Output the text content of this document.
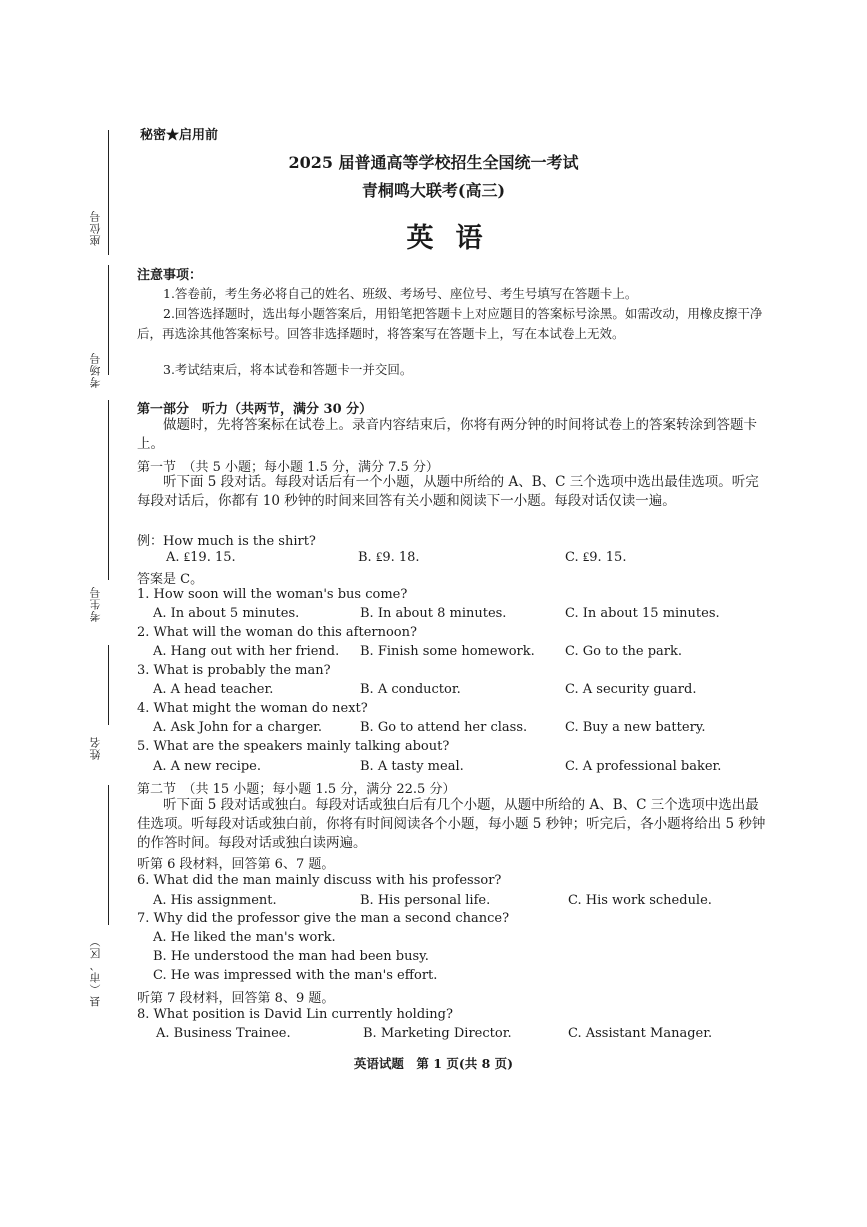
座位号
考场号
考生号
姓名
县（市、区）
秘密★启用前
2025 届普通高等学校招生全国统一考试
青桐鸣大联考(高三)
英语
注意事项：
1.答卷前，考生务必将自己的姓名、班级、考场号、座位号、考生号填写在答题卡上。
2.回答选择题时，选出每小题答案后，用铅笔把答题卡上对应题目的答案标号涂黑。如需改动，用橡皮擦干净后，再选涂其他答案标号。回答非选择题时，将答案写在答题卡上，写在本试卷上无效。
3.考试结束后，将本试卷和答题卡一并交回。
第一部分　听力（共两节，满分 30 分）
做题时，先将答案标在试卷上。录音内容结束后，你将有两分钟的时间将试卷上的答案转涂到答题卡上。
第一节　（共 5 小题；每小题 1.5 分，满分 7.5 分）
听下面 5 段对话。每段对话后有一个小题，从题中所给的 A、B、C 三个选项中选出最佳选项。听完每段对话后，你都有 10 秒钟的时间来回答有关小题和阅读下一小题。每段对话仅读一遍。
例：How much is the shirt?
A. ₤19. 15.	B. ₤9. 18.	C. ₤9. 15.
答案是 C。
1. How soon will the woman's bus come?
A. In about 5 minutes.	B. In about 8 minutes.	C. In about 15 minutes.
2. What will the woman do this afternoon?
A. Hang out with her friend. B. Finish some homework. C. Go to the park.
3. What is probably the man?
A. A head teacher.	B. A conductor.	C. A security guard.
4. What might the woman do next?
A. Ask John for a charger.	B. Go to attend her class.	C. Buy a new battery.
5. What are the speakers mainly talking about?
A. A new recipe.	B. A tasty meal.	C. A professional baker.
第二节　（共 15 小题；每小题 1.5 分，满分 22.5 分）
听下面 5 段对话或独白。每段对话或独白后有几个小题，从题中所给的 A、B、C 三个选项中选出最佳选项。听每段对话或独白前，你将有时间阅读各个小题，每小题 5 秒钟；听完后，各小题将给出 5 秒钟的作答时间。每段对话或独白读两遍。
听第 6 段材料，回答第 6、7 题。
6. What did the man mainly discuss with his professor?
A. His assignment.	B. His personal life.	C. His work schedule.
7. Why did the professor give the man a second chance?
A. He liked the man's work.
B. He understood the man had been busy.
C. He was impressed with the man's effort.
听第 7 段材料，回答第 8、9 题。
8. What position is David Lin currently holding?
A. Business Trainee.	B. Marketing Director.	C. Assistant Manager.
英语试题　第 1 页(共 8 页)
